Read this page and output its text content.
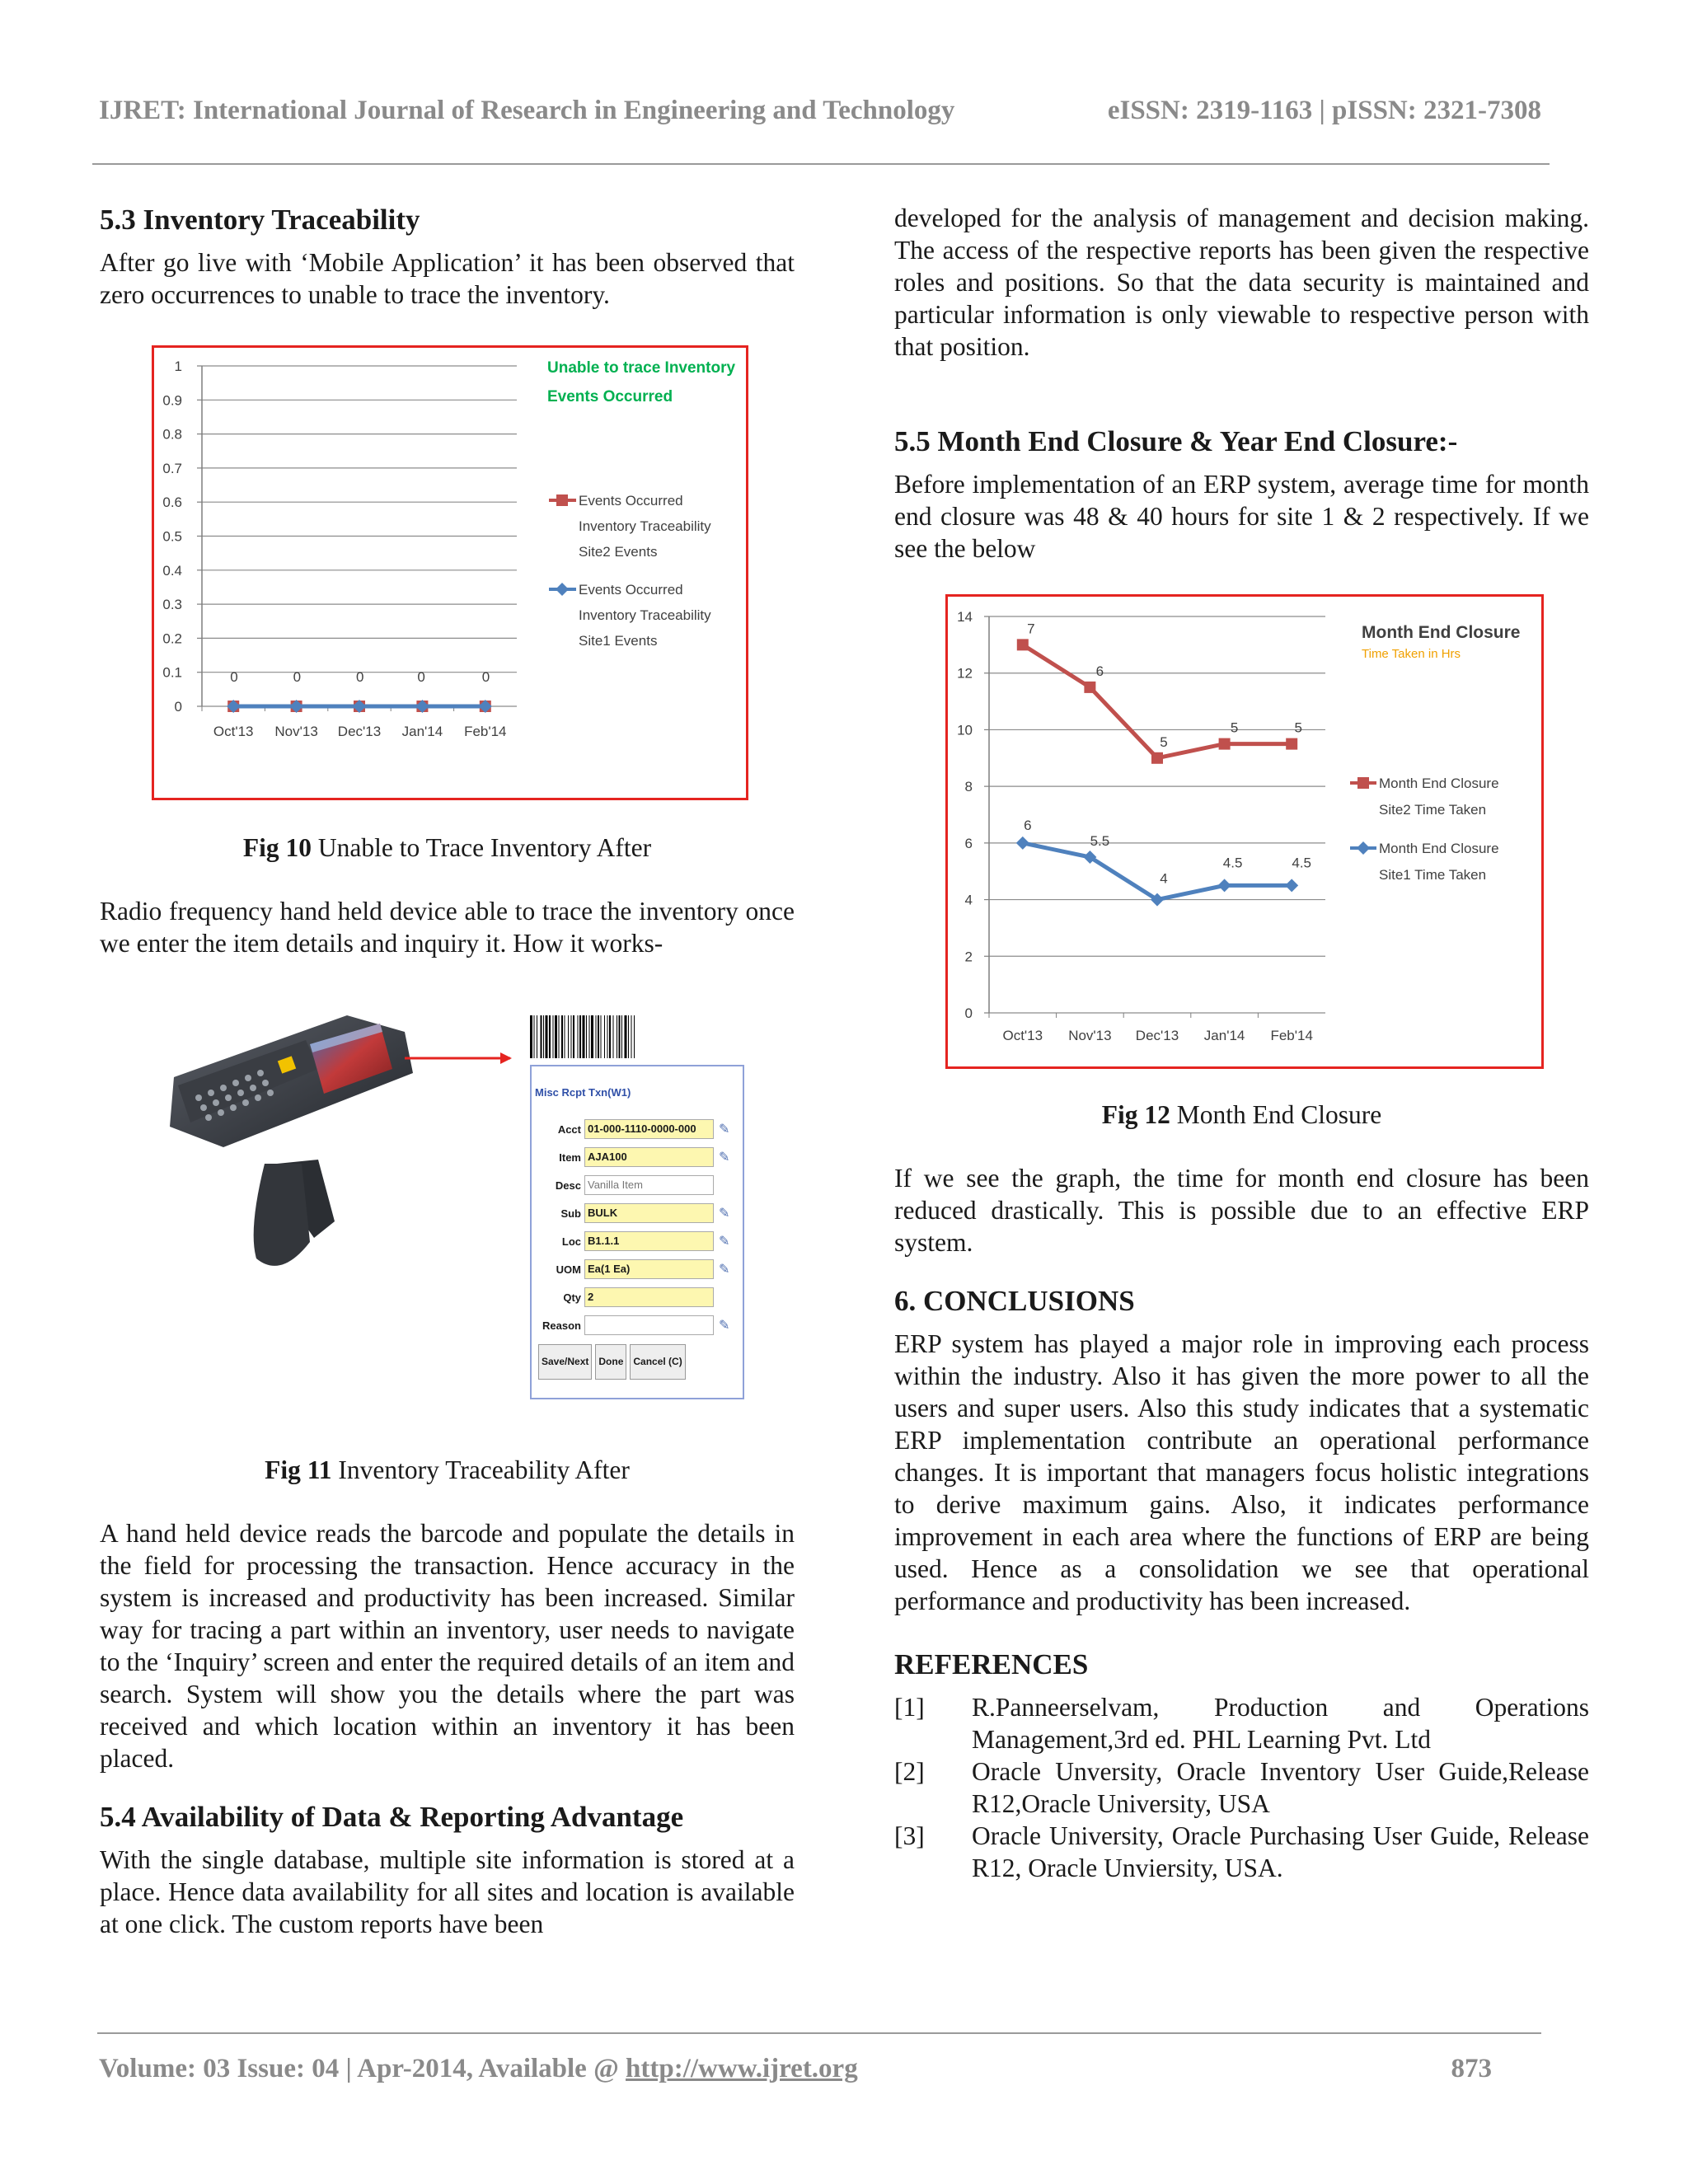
IJRET: International Journal of Research in Engineering and Technology	eISSN: 2319-1163 | pISSN: 2321-7308
5.3 Inventory Traceability

After go live with ‘Mobile Application’ it has been observed that zero occurrences to unable to trace the inventory.

0
0.1
0.2
0.3
0.4
0.5
0.6
0.7
0.8
0.9
1
Oct'13 Nov'13 Dec'13 Jan'14 Feb'14
0	0	0	0	0
Unable to trace Inventory
Events Occurred
Events Occurred
Inventory Traceability
Site2 Events
Events Occurred
Inventory Traceability
Site1 Events
Fig 10 Unable to Trace Inventory After

Radio frequency hand held device able to trace the inventory once we enter the item details and inquiry it. How it works-

Misc Rcpt Txn(W1)
Acct 01-000-1110-0000-000	✎
Item AJA100	✎
Desc Vanilla Item
Sub BULK	✎
Loc B1.1.1	✎
UOM Ea(1 Ea)	✎
Qty 2
Reason	✎
Save/Next	Done	Cancel (C)
Fig 11 Inventory Traceability After

A hand held device reads the barcode and populate the details in the field for processing the transaction. Hence accuracy in the system is increased and productivity has been increased. Similar way for tracing a part within an inventory, user needs to navigate to the ‘Inquiry’ screen and enter the required details of an item and search. System will show you the details where the part was received and which location within an inventory it has been placed.

5.4 Availability of Data & Reporting Advantage

With the single database, multiple site information is stored at a place. Hence data availability for all sites and location is available at one click. The custom reports have been

developed for the analysis of management and decision making. The access of the respective reports has been given the respective roles and positions. So that the data security is maintained and particular information is only viewable to respective person with that position.

5.5 Month End Closure & Year End Closure:-

Before implementation of an ERP system, average time for month end closure was 48 & 40 hours for site 1 & 2 respectively. If we see the below

0
2
4
6
8
10
12
14
Oct'13 Nov'13 Dec'13 Jan'14 Feb'14
7
6
5
5	5
6
5.5
4
4.5	4.5
Month End Closure
Time Taken in Hrs
Month End Closure
Site2 Time Taken
Month End Closure
Site1 Time Taken
Fig 12 Month End Closure

If we see the graph, the time for month end closure has been reduced drastically. This is possible due to an effective ERP system.

6. CONCLUSIONS

ERP system has played a major role in improving each process within the industry. Also it has given the more power to all the users and super users. Also this study indicates that a systematic ERP implementation contribute an operational performance changes. It is important that managers focus holistic integrations to derive maximum gains. Also, it indicates performance improvement in each area where the functions of ERP are being used. Hence as a consolidation we see that operational performance and productivity has been increased.

REFERENCES
[1]	R.Panneerselvam, Production and Operations Management,3rd ed. PHL Learning Pvt. Ltd
[2]	Oracle Unversity, Oracle Inventory User Guide,Release R12,Oracle University, USA
[3]	Oracle University, Oracle Purchasing User Guide, Release R12, Oracle Unviersity, USA.
Volume: 03 Issue: 04 | Apr-2014, Available @ http://www.ijret.org	873
